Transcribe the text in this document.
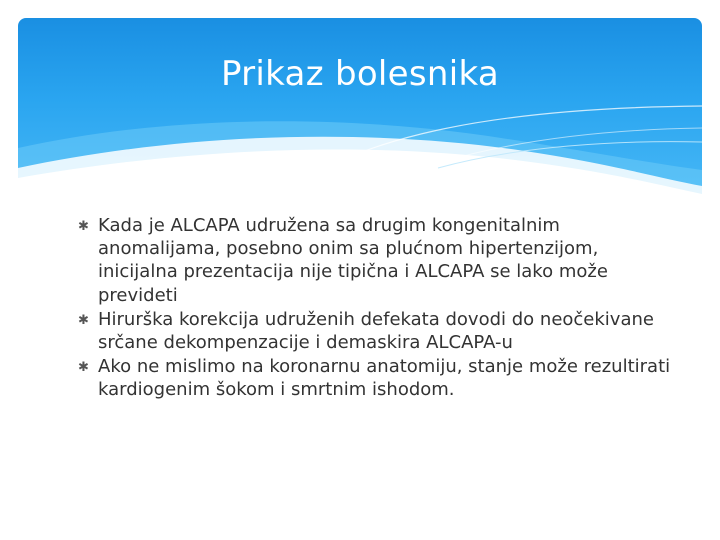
Prikaz bolesnika
✱ Kada je ALCAPA udružena sa drugim kongenitalnim anomalijama, posebno onim sa plućnom hipertenzijom, inicijalna prezentacija nije tipična i ALCAPA se lako može previdet​i
✱ Hirurška korekcija udruženih defekata dovodi do neočekivane srčane dekompenzacije i demaskira ALCAPA-u
✱ Ako ne mislimo na koronarnu anatomiju, stanje može rezultirati kardiogenim šokom i smrtnim ishodom.
